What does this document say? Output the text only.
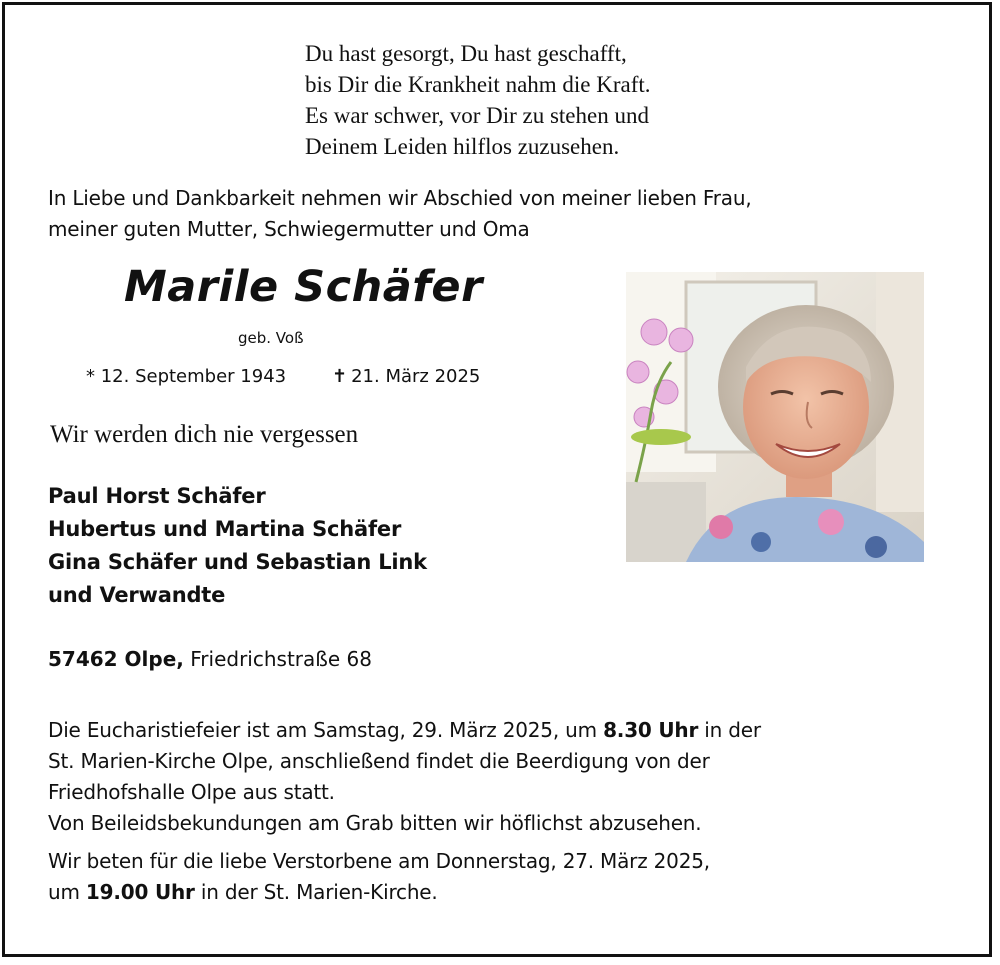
Du hast gesorgt, Du hast geschafft,
bis Dir die Krankheit nahm die Kraft.
Es war schwer, vor Dir zu stehen und
Deinem Leiden hilflos zuzusehen.
In Liebe und Dankbarkeit nehmen wir Abschied von meiner lieben Frau,
meiner guten Mutter, Schwiegermutter und Oma
Marile Schäfer
geb. Voß
* 12. September 1943	✝ 21. März 2025
Wir werden dich nie vergessen
Paul Horst Schäfer
Hubertus und Martina Schäfer
Gina Schäfer und Sebastian Link
und Verwandte
57462 Olpe, Friedrichstraße 68
Die Eucharistiefeier ist am Samstag, 29. März 2025, um 8.30 Uhr in der
St. Marien-Kirche Olpe, anschließend findet die Beerdigung von der
Friedhofshalle Olpe aus statt.
Von Beileidsbekundungen am Grab bitten wir höflichst abzusehen.
Wir beten für die liebe Verstorbene am Donnerstag, 27. März 2025,
um 19.00 Uhr in der St. Marien-Kirche.
